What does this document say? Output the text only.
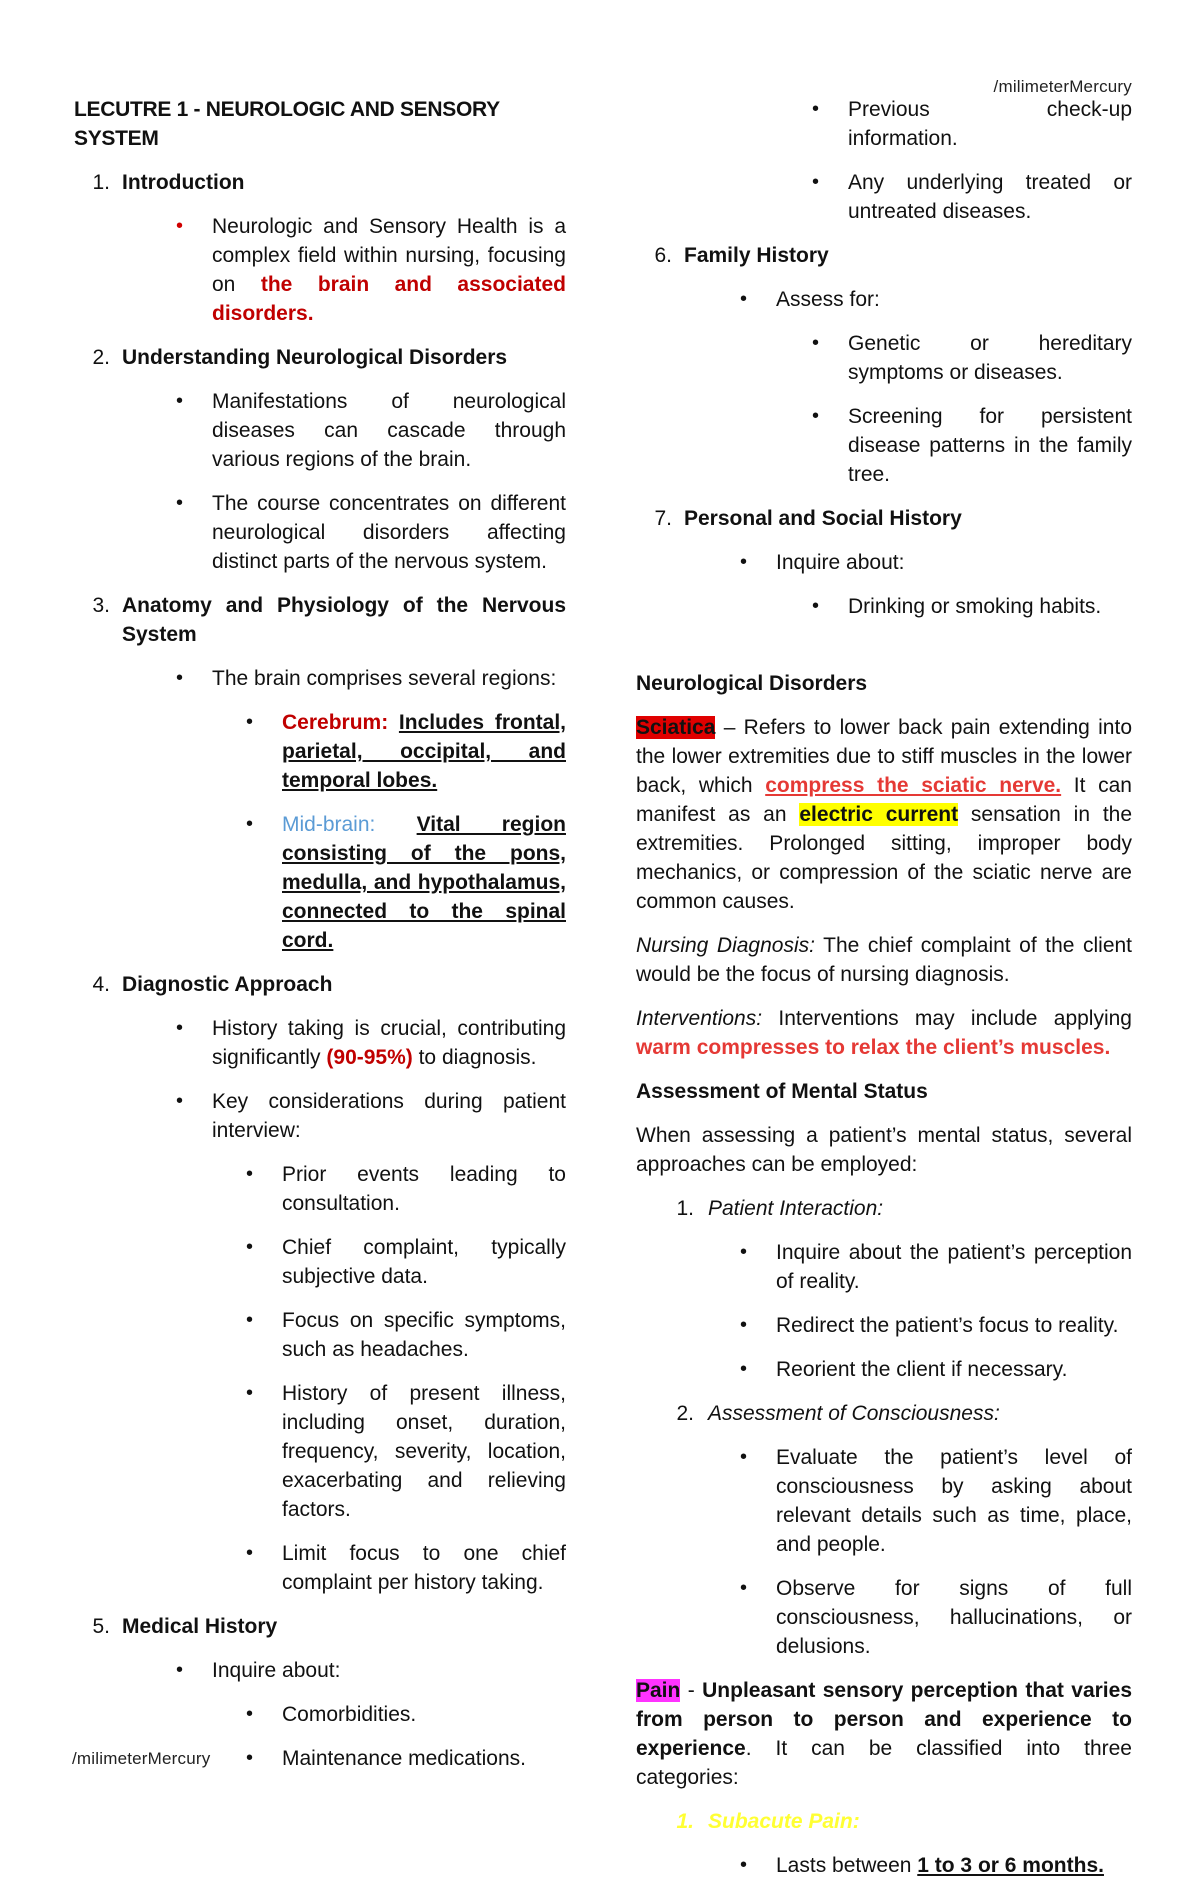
/milimeterMercury
/milimeterMercury
LECUTRE 1 - NEUROLOGIC AND SENSORY SYSTEM
1. Introduction
• Neurologic and Sensory Health is a complex field within nursing, focusing on the brain and associated disorders.
2. Understanding Neurological Disorders
• Manifestations of neurological diseases can cascade through various regions of the brain.
• The course concentrates on different neurological disorders affecting distinct parts of the nervous system.
3. Anatomy and Physiology of the Nervous System
• The brain comprises several regions:
• Cerebrum: Includes frontal, parietal, occipital, and temporal lobes.
• Mid-brain: Vital region consisting of the pons, medulla, and hypothalamus, connected to the spinal cord.
4. Diagnostic Approach
• History taking is crucial, contributing significantly (90-95%) to diagnosis.
• Key considerations during patient interview:
• Prior events leading to consultation.
• Chief complaint, typically subjective data.
• Focus on specific symptoms, such as headaches.
• History of present illness, including onset, duration, frequency, severity, location, exacerbating and relieving factors.
• Limit focus to one chief complaint per history taking.
5. Medical History
• Inquire about:
• Comorbidities.
• Maintenance medications.
• Previous check-up information.
• Any underlying treated or untreated diseases.
6. Family History
• Assess for:
• Genetic or hereditary symptoms or diseases.
• Screening for persistent disease patterns in the family tree.
7. Personal and Social History
• Inquire about:
• Drinking or smoking habits.
Neurological Disorders
Sciatica – Refers to lower back pain extending into the lower extremities due to stiff muscles in the lower back, which compress the sciatic nerve. It can manifest as an electric current sensation in the extremities. Prolonged sitting, improper body mechanics, or compression of the sciatic nerve are common causes.
Nursing Diagnosis: The chief complaint of the client would be the focus of nursing diagnosis.
Interventions: Interventions may include applying warm compresses to relax the client’s muscles.
Assessment of Mental Status
When assessing a patient’s mental status, several approaches can be employed:
1. Patient Interaction:
• Inquire about the patient’s perception of reality.
• Redirect the patient’s focus to reality.
• Reorient the client if necessary.
2. Assessment of Consciousness:
• Evaluate the patient’s level of consciousness by asking about relevant details such as time, place, and people.
• Observe for signs of full consciousness, hallucinations, or delusions.
Pain - Unpleasant sensory perception that varies from person to person and experience to experience. It can be classified into three categories:
1. Subacute Pain:
• Lasts between 1 to 3 or 6 months.
